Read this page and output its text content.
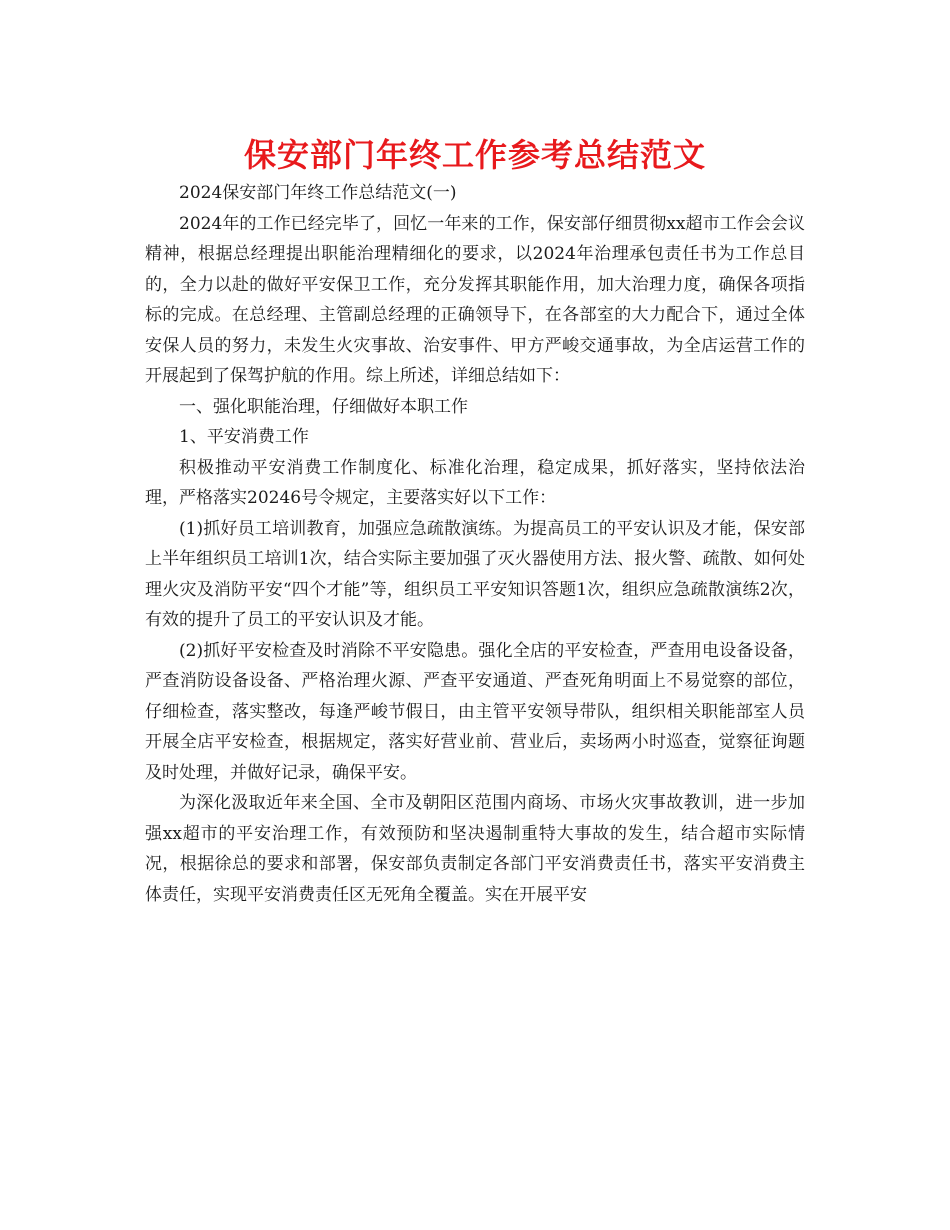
保安部门年终工作参考总结范文

2024保安部门年终工作总结范文(一)

2024年的工作已经完毕了，回忆一年来的工作，保安部仔细贯彻xx超市工作会会议精神，根据总经理提出职能治理精细化的要求，以2024年治理承包责任书为工作总目的，全力以赴的做好平安保卫工作，充分发挥其职能作用，加大治理力度，确保各项指标的完成。在总经理、主管副总经理的正确领导下，在各部室的大力配合下，通过全体安保人员的努力，未发生火灾事故、治安事件、甲方严峻交通事故，为全店运营工作的开展起到了保驾护航的作用。综上所述，详细总结如下：

一、强化职能治理，仔细做好本职工作

1、平安消费工作

积极推动平安消费工作制度化、标准化治理，稳定成果，抓好落实，坚持依法治理，严格落实20246号令规定，主要落实好以下工作：

(1)抓好员工培训教育，加强应急疏散演练。为提高员工的平安认识及才能，保安部上半年组织员工培训1次，结合实际主要加强了灭火器使用方法、报火警、疏散、如何处理火灾及消防平安“四个才能”等，组织员工平安知识答题1次，组织应急疏散演练2次，有效的提升了员工的平安认识及才能。

(2)抓好平安检查及时消除不平安隐患。强化全店的平安检查，严查用电设备设备，严查消防设备设备、严格治理火源、严查平安通道、严查死角明面上不易觉察的部位，仔细检查，落实整改，每逢严峻节假日，由主管平安领导带队，组织相关职能部室人员开展全店平安检查，根据规定，落实好营业前、营业后，卖场两小时巡查，觉察征询题及时处理，并做好记录，确保平安。

为深化汲取近年来全国、全市及朝阳区范围内商场、市场火灾事故教训，进一步加强xx超市的平安治理工作，有效预防和坚决遏制重特大事故的发生，结合超市实际情况，根据徐总的要求和部署，保安部负责制定各部门平安消费责任书，落实平安消费主体责任，实现平安消费责任区无死角全覆盖。实在开展平安
